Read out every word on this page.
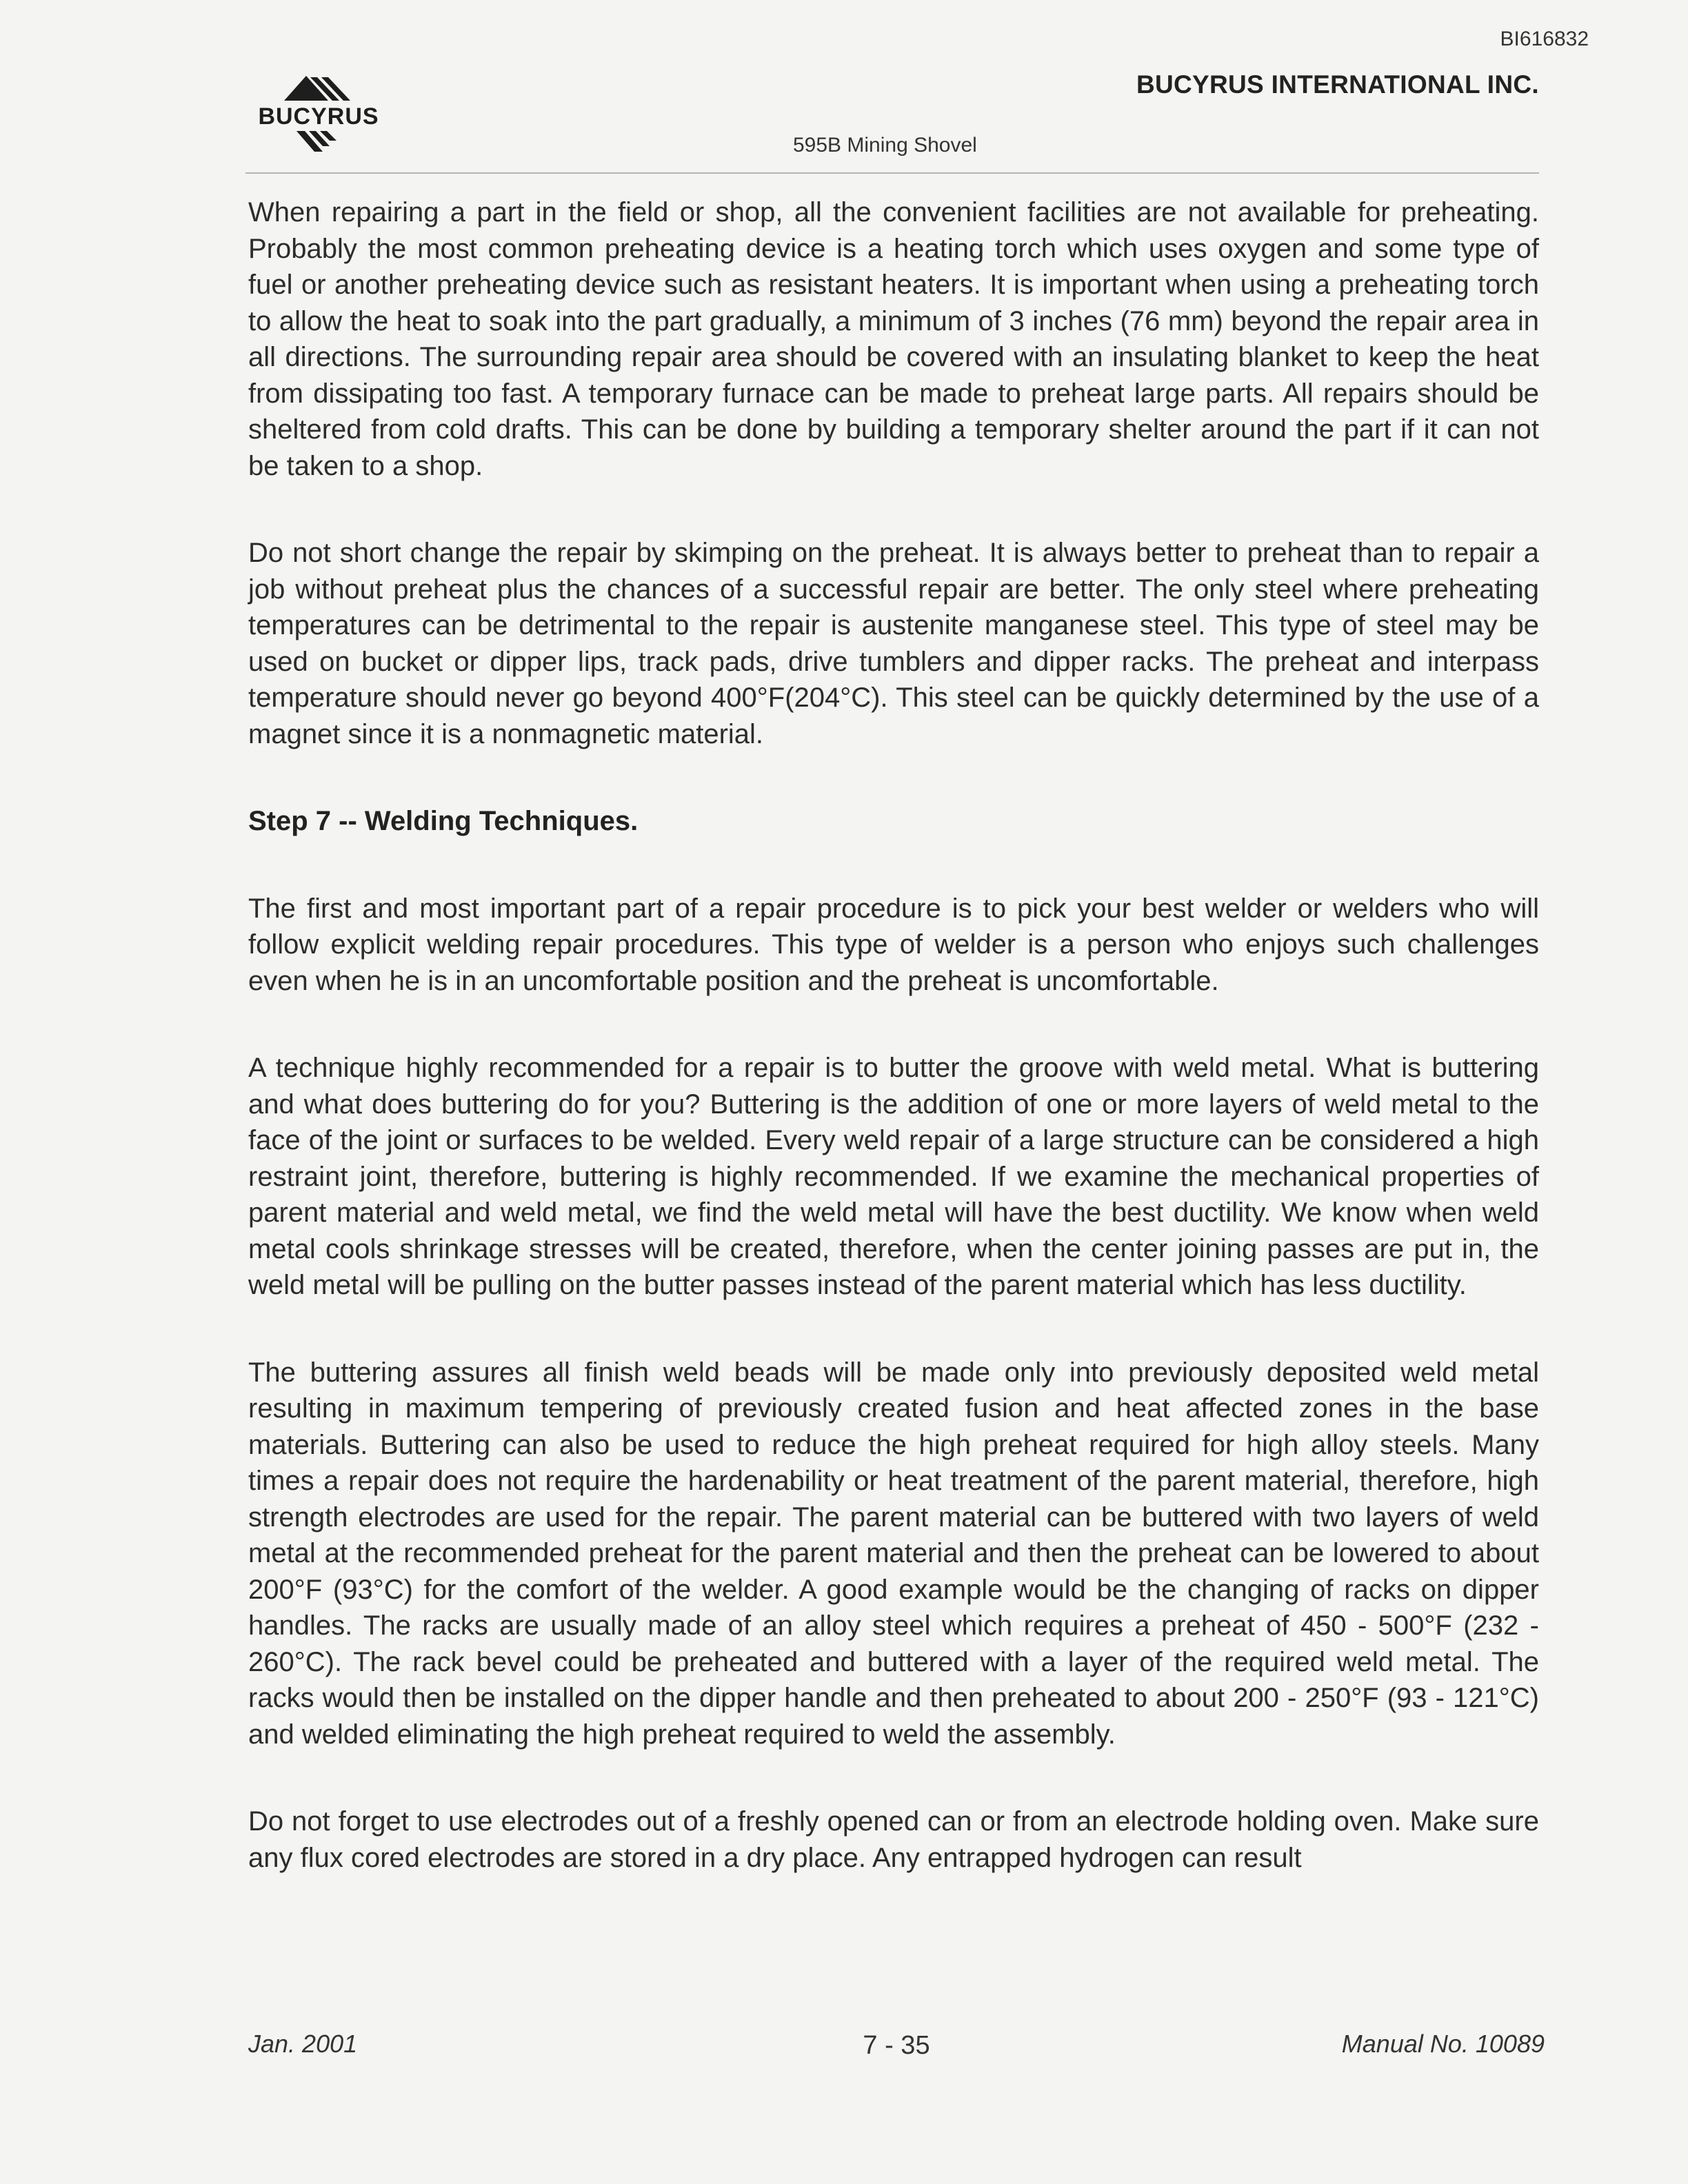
BI616832
BUCYRUS
BUCYRUS INTERNATIONAL INC.
595B Mining Shovel

When repairing a part in the field or shop, all the convenient facilities are not available for preheating. Probably the most common preheating device is a heating torch which uses oxygen and some type of fuel or another preheating device such as resistant heaters. It is important when using a preheating torch to allow the heat to soak into the part gradually, a minimum of 3 inches (76 mm) beyond the repair area in all directions. The surrounding repair area should be covered with an insulating blanket to keep the heat from dissipating too fast. A temporary furnace can be made to preheat large parts. All repairs should be sheltered from cold drafts. This can be done by building a temporary shelter around the part if it can not be taken to a shop.

Do not short change the repair by skimping on the preheat. It is always better to preheat than to repair a job without preheat plus the chances of a successful repair are better. The only steel where preheating temperatures can be detrimental to the repair is austenite manganese steel. This type of steel may be used on bucket or dipper lips, track pads, drive tumblers and dipper racks. The preheat and interpass temperature should never go beyond 400°F(204°C). This steel can be quickly determined by the use of a magnet since it is a nonmagnetic material.

Step 7 -- Welding Techniques.

The first and most important part of a repair procedure is to pick your best welder or welders who will follow explicit welding repair procedures. This type of welder is a person who enjoys such challenges even when he is in an uncomfortable position and the preheat is uncomfortable.

A technique highly recommended for a repair is to butter the groove with weld metal. What is buttering and what does buttering do for you? Buttering is the addition of one or more layers of weld metal to the face of the joint or surfaces to be welded. Every weld repair of a large structure can be considered a high restraint joint, therefore, buttering is highly recommended. If we examine the mechanical properties of parent material and weld metal, we find the weld metal will have the best ductility. We know when weld metal cools shrinkage stresses will be created, therefore, when the center joining passes are put in, the weld metal will be pulling on the butter passes instead of the parent material which has less ductility.

The buttering assures all finish weld beads will be made only into previously deposited weld metal resulting in maximum tempering of previously created fusion and heat affected zones in the base materials. Buttering can also be used to reduce the high preheat required for high alloy steels. Many times a repair does not require the hardenability or heat treatment of the parent material, therefore, high strength electrodes are used for the repair. The parent material can be buttered with two layers of weld metal at the recommended preheat for the parent material and then the preheat can be lowered to about 200°F (93°C) for the comfort of the welder. A good example would be the changing of racks on dipper handles. The racks are usually made of an alloy steel which requires a preheat of 450 - 500°F (232 - 260°C). The rack bevel could be preheated and buttered with a layer of the required weld metal. The racks would then be installed on the dipper handle and then preheated to about 200 - 250°F (93 - 121°C) and welded eliminating the high preheat required to weld the assembly.

Do not forget to use electrodes out of a freshly opened can or from an electrode holding oven. Make sure any flux cored electrodes are stored in a dry place. Any entrapped hydrogen can result

Jan. 2001	7 - 35	Manual No. 10089
